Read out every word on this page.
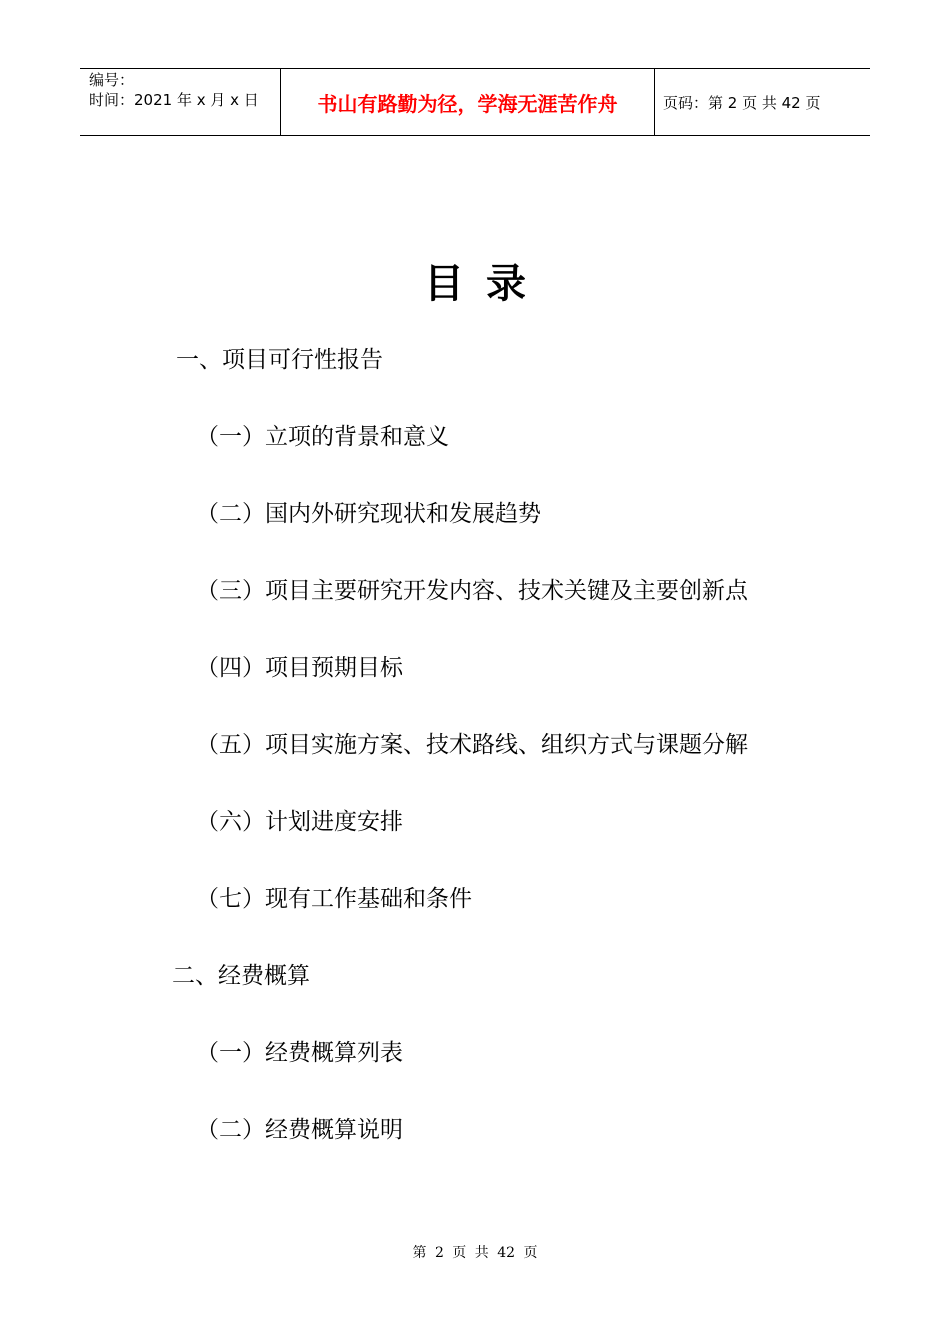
编号：
时间：2021 年 x 月 x 日	书山有路勤为径，学海无涯苦作舟	页码：第 2 页 共 42 页
目录
一、项目可行性报告
（一）立项的背景和意义
（二）国内外研究现状和发展趋势
（三）项目主要研究开发内容、技术关键及主要创新点
（四）项目预期目标
（五）项目实施方案、技术路线、组织方式与课题分解
（六）计划进度安排
（七）现有工作基础和条件
二、经费概算
（一）经费概算列表
（二）经费概算说明
第 2 页 共 42 页
